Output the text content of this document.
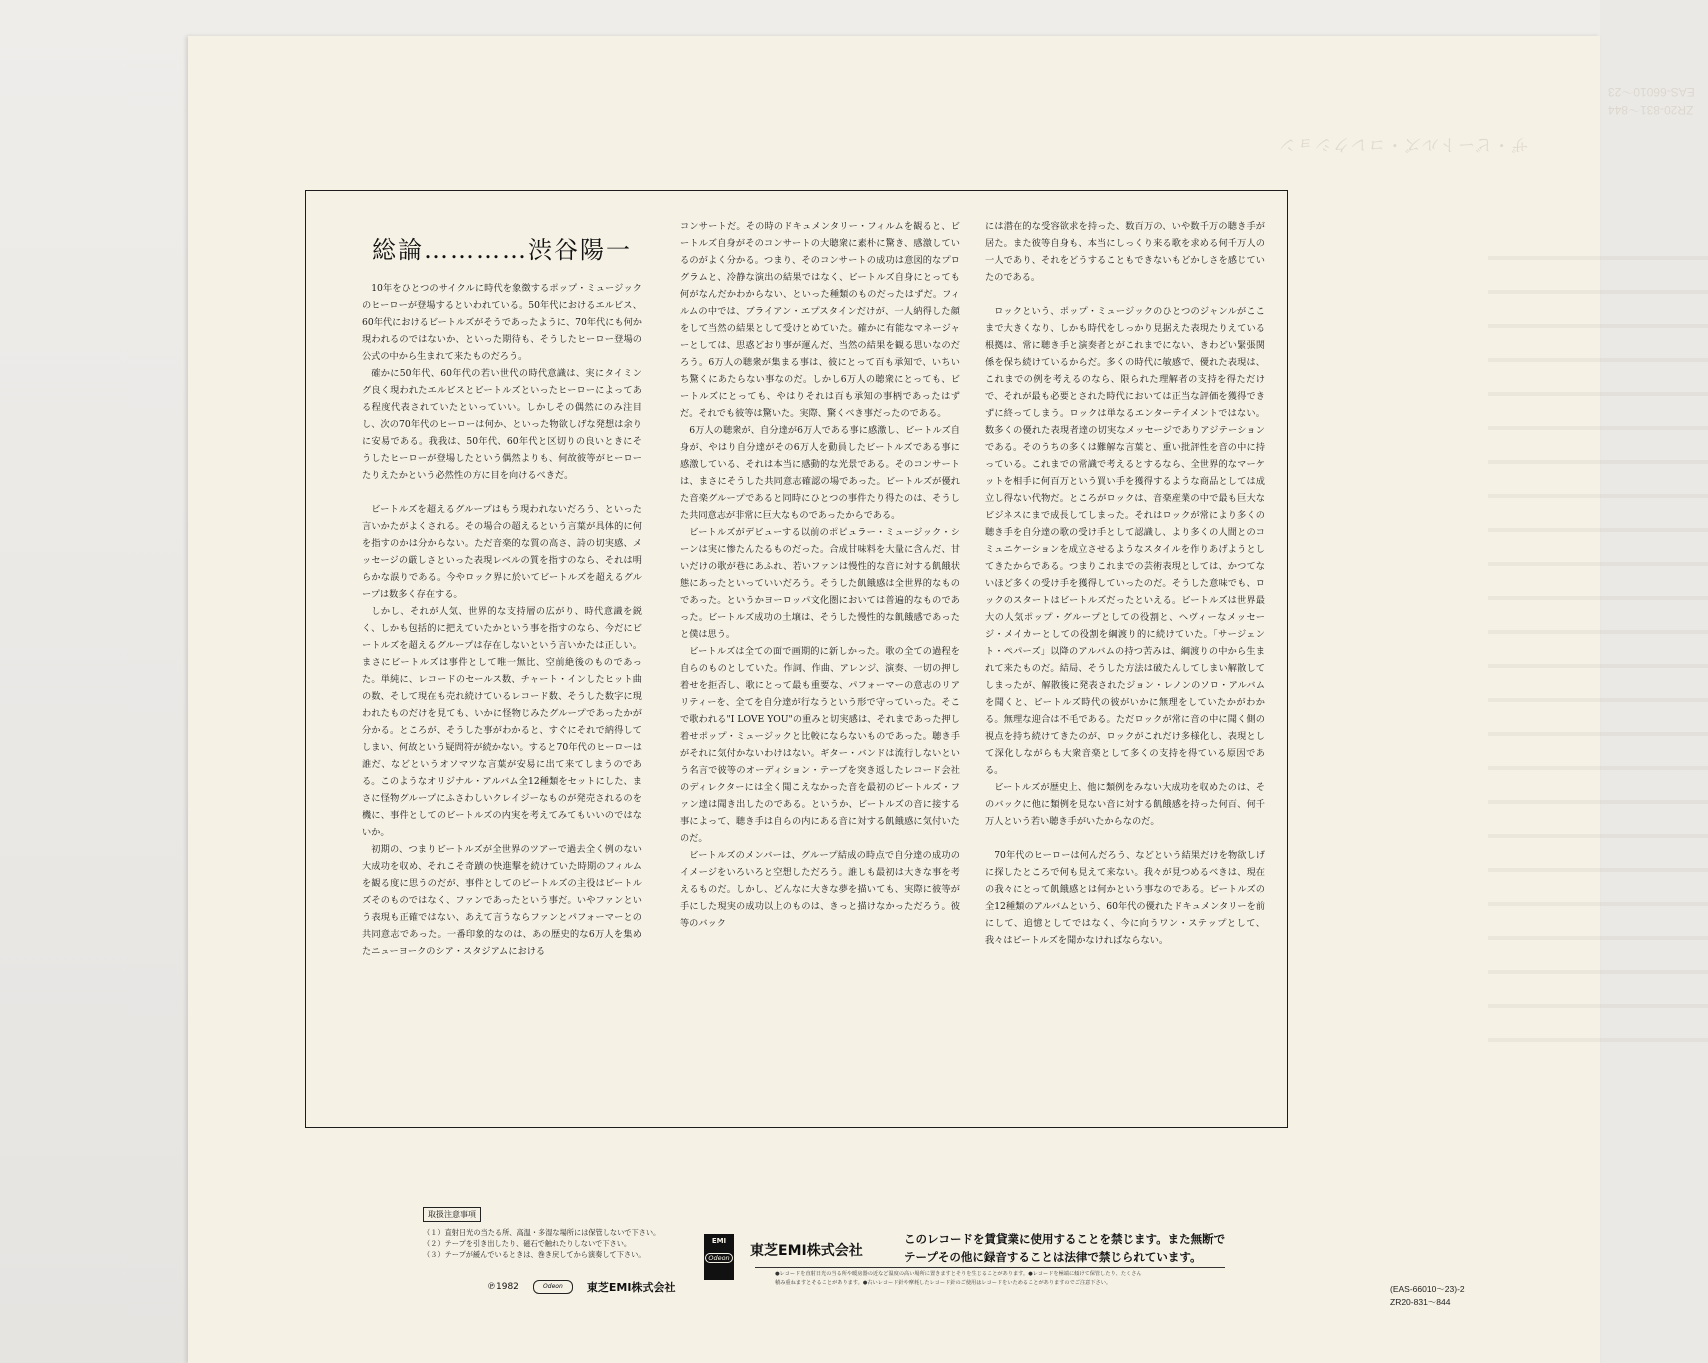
ザ・ビートルズ・コレクション
EAS-66010〜23
ZR20-831〜844
総論…………渋谷陽一

10年をひとつのサイクルに時代を象徴するポップ・ミュージックのヒーローが登場するといわれている。50年代におけるエルビス、60年代におけるビートルズがそうであったように、70年代にも何か現われるのではないか、といった期待も、そうしたヒーロー登場の公式の中から生まれて来たものだろう。

確かに50年代、60年代の若い世代の時代意識は、実にタイミング良く現われたエルビスとビートルズといったヒーローによってある程度代表されていたといっていい。しかしその偶然にのみ注目し、次の70年代のヒーローは何か、といった物欲しげな発想は余りに安易である。我我は、50年代、60年代と区切りの良いときにそうしたヒーローが登場したという偶然よりも、何故彼等がヒーローたりえたかという必然性の方に目を向けるべきだ。

ビートルズを超えるグループはもう現われないだろう、といった言いかたがよくされる。その場合の超えるという言葉が具体的に何を指すのかは分からない。ただ音楽的な質の高さ、詩の切実感、メッセージの厳しさといった表現レベルの質を指すのなら、それは明らかな誤りである。今やロック界に於いてビートルズを超えるグループは数多く存在する。

しかし、それが人気、世界的な支持層の広がり、時代意識を鋭く、しかも包括的に把えていたかという事を指すのなら、今だにビートルズを超えるグループは存在しないという言いかたは正しい。まさにビートルズは事件として唯一無比、空前絶後のものであった。単純に、レコードのセールス数、チャート・インしたヒット曲の数、そして現在も売れ続けているレコード数、そうした数字に現われたものだけを見ても、いかに怪物じみたグループであったかが分かる。ところが、そうした事がわかると、すぐにそれで納得してしまい、何故という疑問符が続かない。すると70年代のヒーローは誰だ、などというオソマツな言葉が安易に出て来てしまうのである。このようなオリジナル・アルバム全12種類をセットにした、まさに怪物グループにふさわしいクレイジーなものが発売されるのを機に、事件としてのビートルズの内実を考えてみてもいいのではないか。

初期の、つまりビートルズが全世界のツアーで過去全く例のない大成功を収め、それこそ奇蹟の快進撃を続けていた時期のフィルムを観る度に思うのだが、事件としてのビートルズの主役はビートルズそのものではなく、ファンであったという事だ。いやファンという表現も正確ではない、あえて言うならファンとパフォーマーとの共同意志であった。一番印象的なのは、あの歴史的な6万人を集めたニューヨークのシア・スタジアムにおける

コンサートだ。その時のドキュメンタリー・フィルムを観ると、ビートルズ自身がそのコンサートの大聴衆に素朴に驚き、感激しているのがよく分かる。つまり、そのコンサートの成功は意図的なプログラムと、冷静な演出の結果ではなく、ビートルズ自身にとっても何がなんだかわからない、といった種類のものだったはずだ。フィルムの中では、ブライアン・エプスタインだけが、一人納得した顔をして当然の結果として受けとめていた。確かに有能なマネージャーとしては、思惑どおり事が運んだ、当然の結果を観る思いなのだろう。6万人の聴衆が集まる事は、彼にとって百も承知で、いちいち驚くにあたらない事なのだ。しかし6万人の聴衆にとっても、ビートルズにとっても、やはりそれは百も承知の事柄であったはずだ。それでも彼等は驚いた。実際、驚くべき事だったのである。

6万人の聴衆が、自分達が6万人である事に感激し、ビートルズ自身が、やはり自分達がその6万人を動員したビートルズである事に感激している、それは本当に感動的な光景である。そのコンサートは、まさにそうした共同意志確認の場であった。ビートルズが優れた音楽グループであると同時にひとつの事件たり得たのは、そうした共同意志が非常に巨大なものであったからである。

ビートルズがデビューする以前のポピュラー・ミュージック・シーンは実に惨たんたるものだった。合成甘味料を大量に含んだ、甘いだけの歌が巷にあふれ、若いファンは慢性的な音に対する飢餓状態にあったといっていいだろう。そうした飢餓感は全世界的なものであった。というかヨーロッパ文化圏においては普遍的なものであった。ビートルズ成功の土壌は、そうした慢性的な飢餓感であったと僕は思う。

ビートルズは全ての面で画期的に新しかった。歌の全ての過程を自らのものとしていた。作詞、作曲、アレンジ、演奏、一切の押し着せを拒否し、歌にとって最も重要な、パフォーマーの意志のリアリティーを、全てを自分達が行なうという形で守っていった。そこで歌われる"I LOVE YOU"の重みと切実感は、それまであった押し着せポップ・ミュージックと比較にならないものであった。聴き手がそれに気付かないわけはない。ギター・バンドは流行しないという名言で彼等のオーディション・テープを突き返したレコード会社のディレクターには全く聞こえなかった音を最初のビートルズ・ファン達は聞き出したのである。というか、ビートルズの音に接する事によって、聴き手は自らの内にある音に対する飢餓感に気付いたのだ。

ビートルズのメンバーは、グループ結成の時点で自分達の成功のイメージをいろいろと空想しただろう。誰しも最初は大きな事を考えるものだ。しかし、どんなに大きな夢を描いても、実際に彼等が手にした現実の成功以上のものは、きっと描けなかっただろう。彼等のバック

には潜在的な受容欲求を持った、数百万の、いや数千万の聴き手が居た。また彼等自身も、本当にしっくり来る歌を求める何千万人の一人であり、それをどうすることもできないもどかしさを感じていたのである。

ロックという、ポップ・ミュージックのひとつのジャンルがここまで大きくなり、しかも時代をしっかり見据えた表現たりえている根拠は、常に聴き手と演奏者とがこれまでにない、きわどい緊張関係を保ち続けているからだ。多くの時代に敏感で、優れた表現は、これまでの例を考えるのなら、限られた理解者の支持を得ただけで、それが最も必要とされた時代においては正当な評価を獲得できずに終ってしまう。ロックは単なるエンターテイメントではない。数多くの優れた表現者達の切実なメッセージでありアジテーションである。そのうちの多くは難解な言葉と、重い批評性を音の中に持っている。これまでの常識で考えるとするなら、全世界的なマーケットを相手に何百万という買い手を獲得するような商品としては成立し得ない代物だ。ところがロックは、音楽産業の中で最も巨大なビジネスにまで成長してしまった。それはロックが常により多くの聴き手を自分達の歌の受け手として認識し、より多くの人間とのコミュニケーションを成立させるようなスタイルを作りあげようとしてきたからである。つまりこれまでの芸術表現としては、かつてないほど多くの受け手を獲得していったのだ。そうした意味でも、ロックのスタートはビートルズだったといえる。ビートルズは世界最大の人気ポップ・グループとしての役割と、ヘヴィーなメッセージ・メイカーとしての役割を綱渡り的に続けていた。「サージェント・ペパーズ」以降のアルバムの持つ苦みは、綱渡りの中から生まれて来たものだ。結局、そうした方法は破たんしてしまい解散してしまったが、解散後に発表されたジョン・レノンのソロ・アルバムを聞くと、ビートルズ時代の彼がいかに無理をしていたかがわかる。無理な迎合は不毛である。ただロックが常に音の中に聞く側の視点を持ち続けてきたのが、ロックがこれだけ多様化し、表現として深化しながらも大衆音楽として多くの支持を得ている原因である。

ビートルズが歴史上、他に類例をみない大成功を収めたのは、そのバックに他に類例を見ない音に対する飢餓感を持った何百、何千万人という若い聴き手がいたからなのだ。

70年代のヒーローは何んだろう、などという結果だけを物欲しげに探したところで何も見えて来ない。我々が見つめるべきは、現在の我々にとって飢餓感とは何かという事なのである。ビートルズの全12種類のアルバムという、60年代の優れたドキュメンタリーを前にして、追憶としてではなく、今に向うワン・ステップとして、我々はビートルズを聞かなければならない。

取扱注意事項
（１）直射日光の当たる所、高温・多湿な場所には保管しないで下さい。
（２）テープを引き出したり、磁石で触れたりしないで下さい。
（３）テープが緩んでいるときは、巻き戻してから演奏して下さい。
℗1982	Odeon	東芝EMI株式会社
EMI
Odeon 東芝EMI株式会社
このレコードを賃貸業に使用することを禁じます。また無断で
テープその他に録音することは法律で禁じられています。
●レコードを直射日光の当る所や暖房器の近など温度の高い場所に置きますとそりを生じることがあります。●レコードを極端に傾けて保管したり、たくさん
積み重ねますとそることがあります。●古いレコード針や摩耗したレコード針のご使用はレコードをいためることがありますのでご注意下さい。
(EAS-66010〜23)-2
ZR20-831〜844
